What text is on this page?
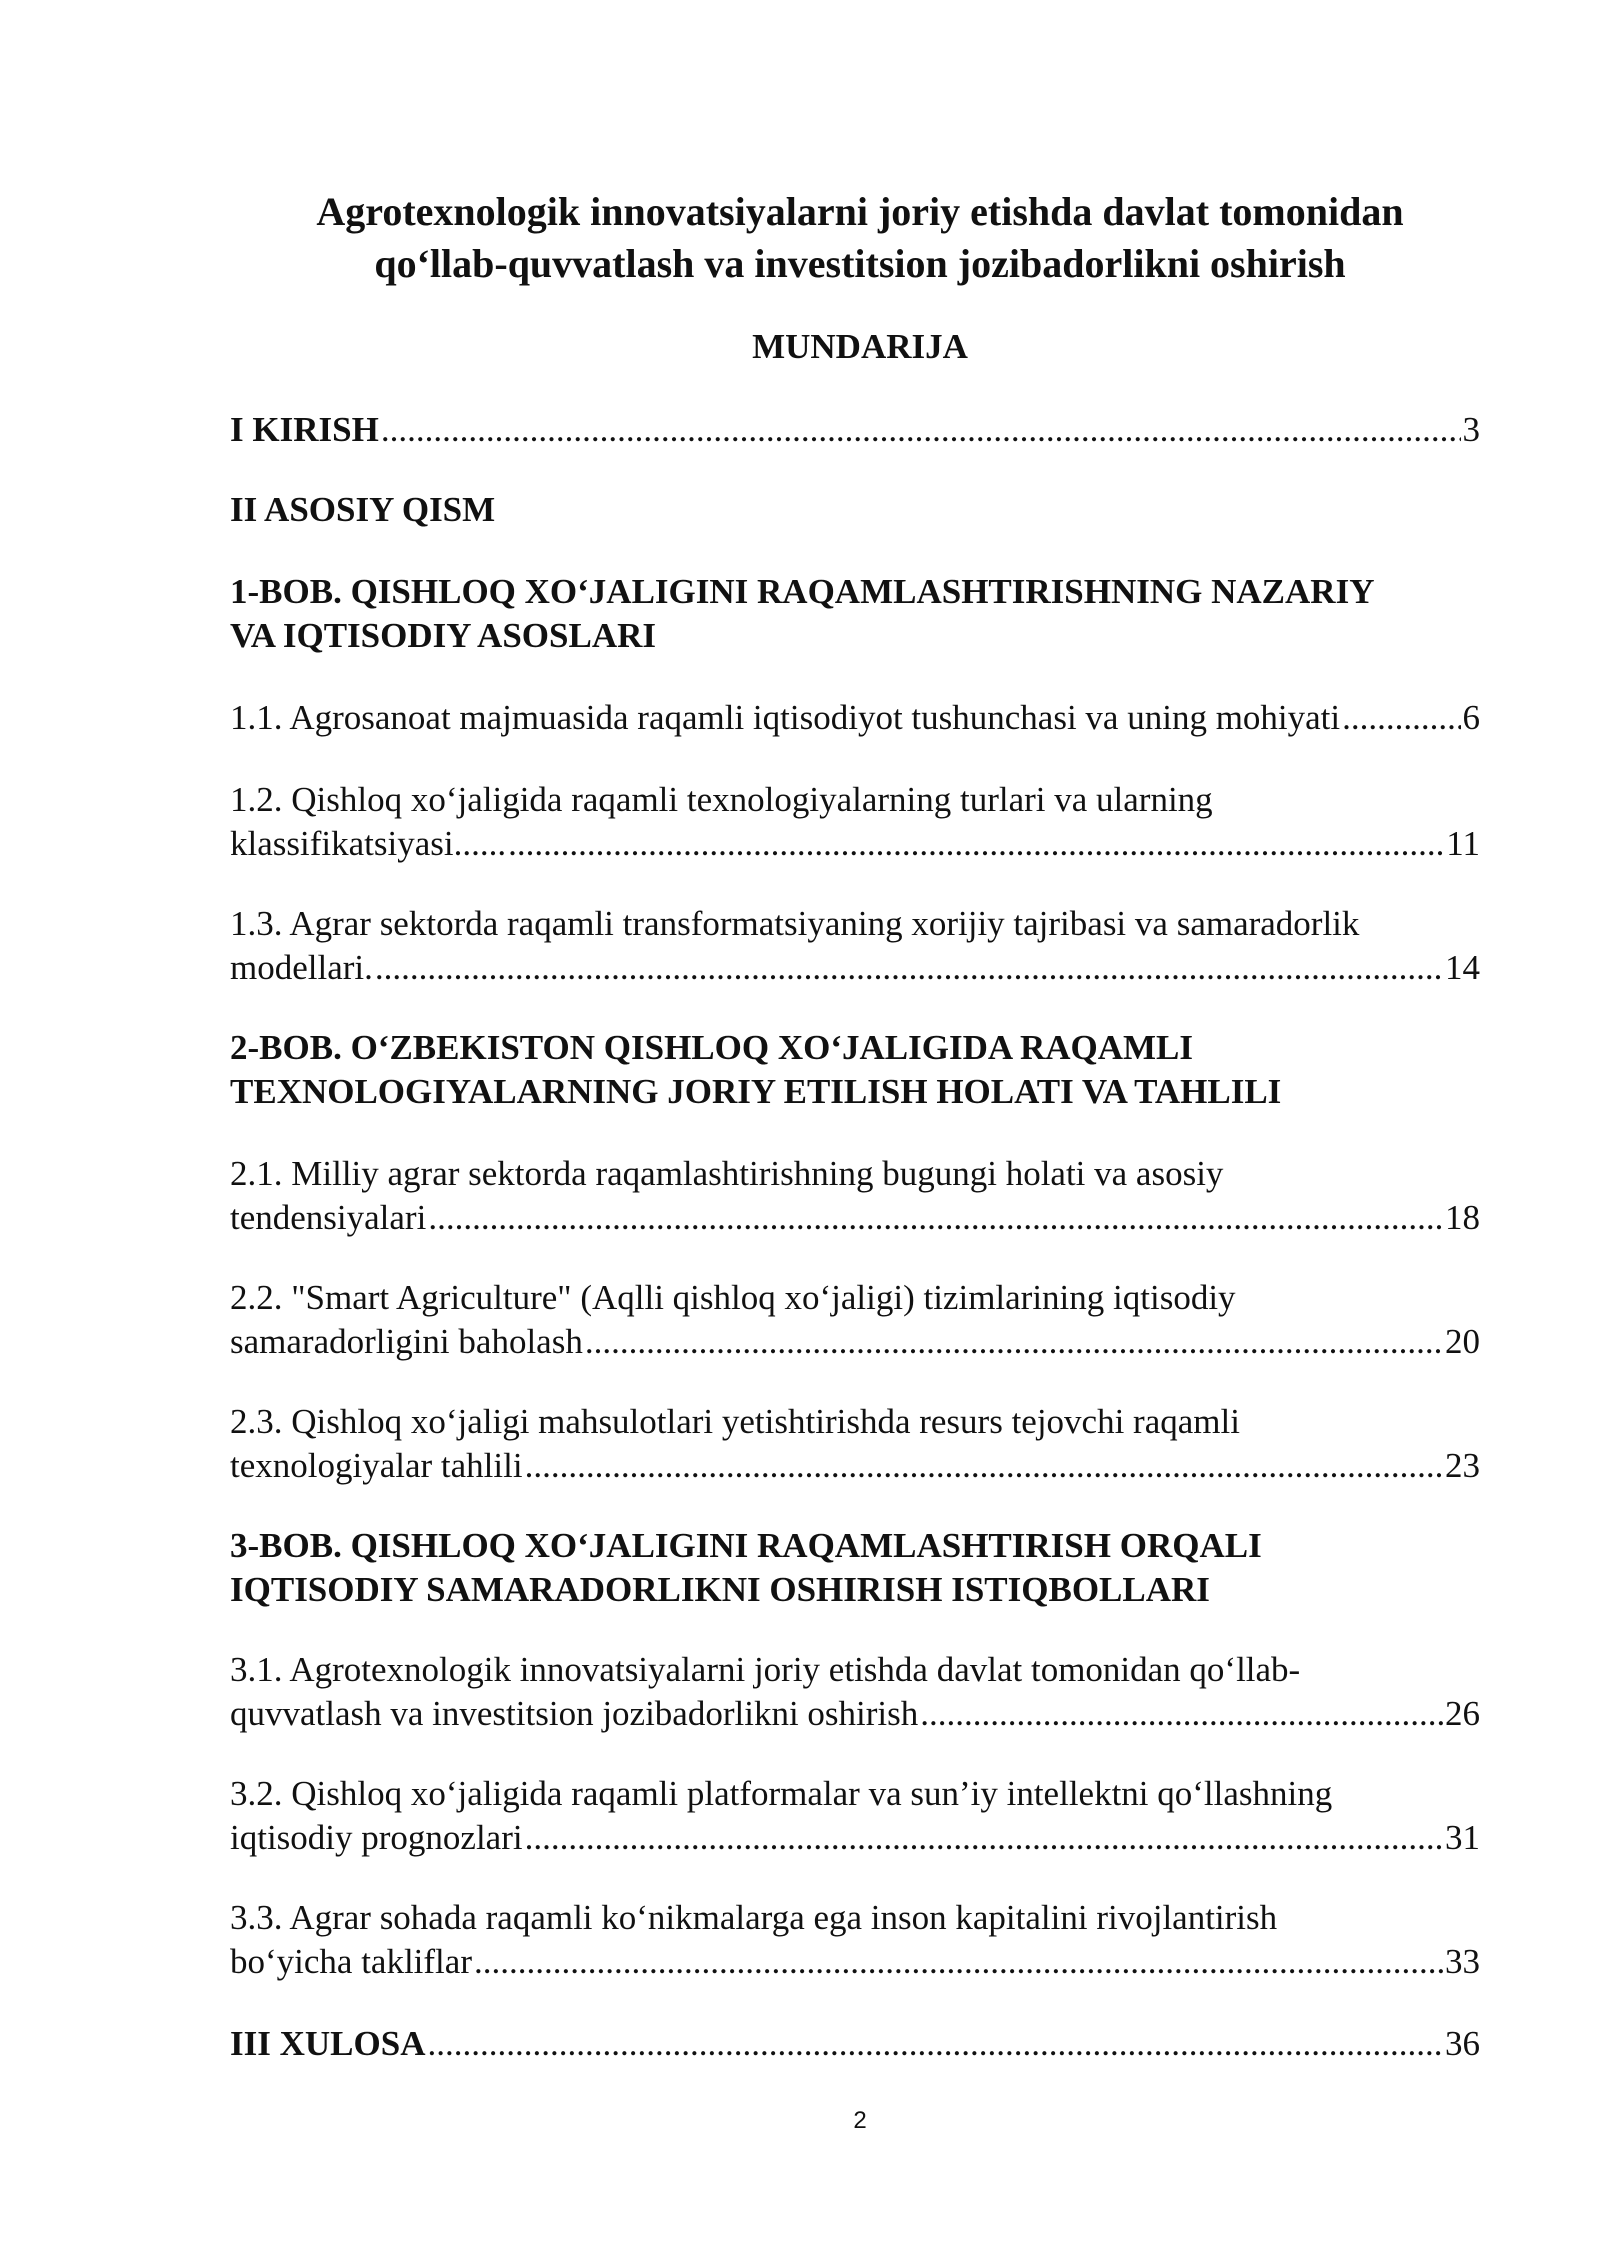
Agrotexnologik innovatsiyalarni joriy etishda davlat tomonidan
qo‘llab-quvvatlash va investitsion jozibadorlikni oshirish
MUNDARIJA
I KIRISH .....	3
II ASOSIY QISM
1-BOB. QISHLOQ XO‘JALIGINI RAQAMLASHTIRISHNING NAZARIY
VA IQTISODIY ASOSLARI
1.1. Agrosanoat majmuasida raqamli iqtisodiyot tushunchasi va uning mohiyati .....	6
1.2. Qishloq xo‘jaligida raqamli texnologiyalarning turlari va ularning
klassifikatsiyasi...... .....	11
1.3. Agrar sektorda raqamli transformatsiyaning xorijiy tajribasi va samaradorlik
modellari. .....	14
2-BOB. O‘ZBEKISTON QISHLOQ XO‘JALIGIDA RAQAMLI
TEXNOLOGIYALARNING JORIY ETILISH HOLATI VA TAHLILI
2.1. Milliy agrar sektorda raqamlashtirishning bugungi holati va asosiy
tendensiyalari .....	18
2.2. "Smart Agriculture" (Aqlli qishloq xo‘jaligi) tizimlarining iqtisodiy
samaradorligini baholash .....	20
2.3. Qishloq xo‘jaligi mahsulotlari yetishtirishda resurs tejovchi raqamli
texnologiyalar tahlili .....	23
3-BOB. QISHLOQ XO‘JALIGINI RAQAMLASHTIRISH ORQALI
IQTISODIY SAMARADORLIKNI OSHIRISH ISTIQBOLLARI
3.1. Agrotexnologik innovatsiyalarni joriy etishda davlat tomonidan qo‘llab-
quvvatlash va investitsion jozibadorlikni oshirish .....	26
3.2. Qishloq xo‘jaligida raqamli platformalar va sun’iy intellektni qo‘llashning
iqtisodiy prognozlari .....	31
3.3. Agrar sohada raqamli ko‘nikmalarga ega inson kapitalini rivojlantirish
bo‘yicha takliflar .....	33
III XULOSA .....	36
2
